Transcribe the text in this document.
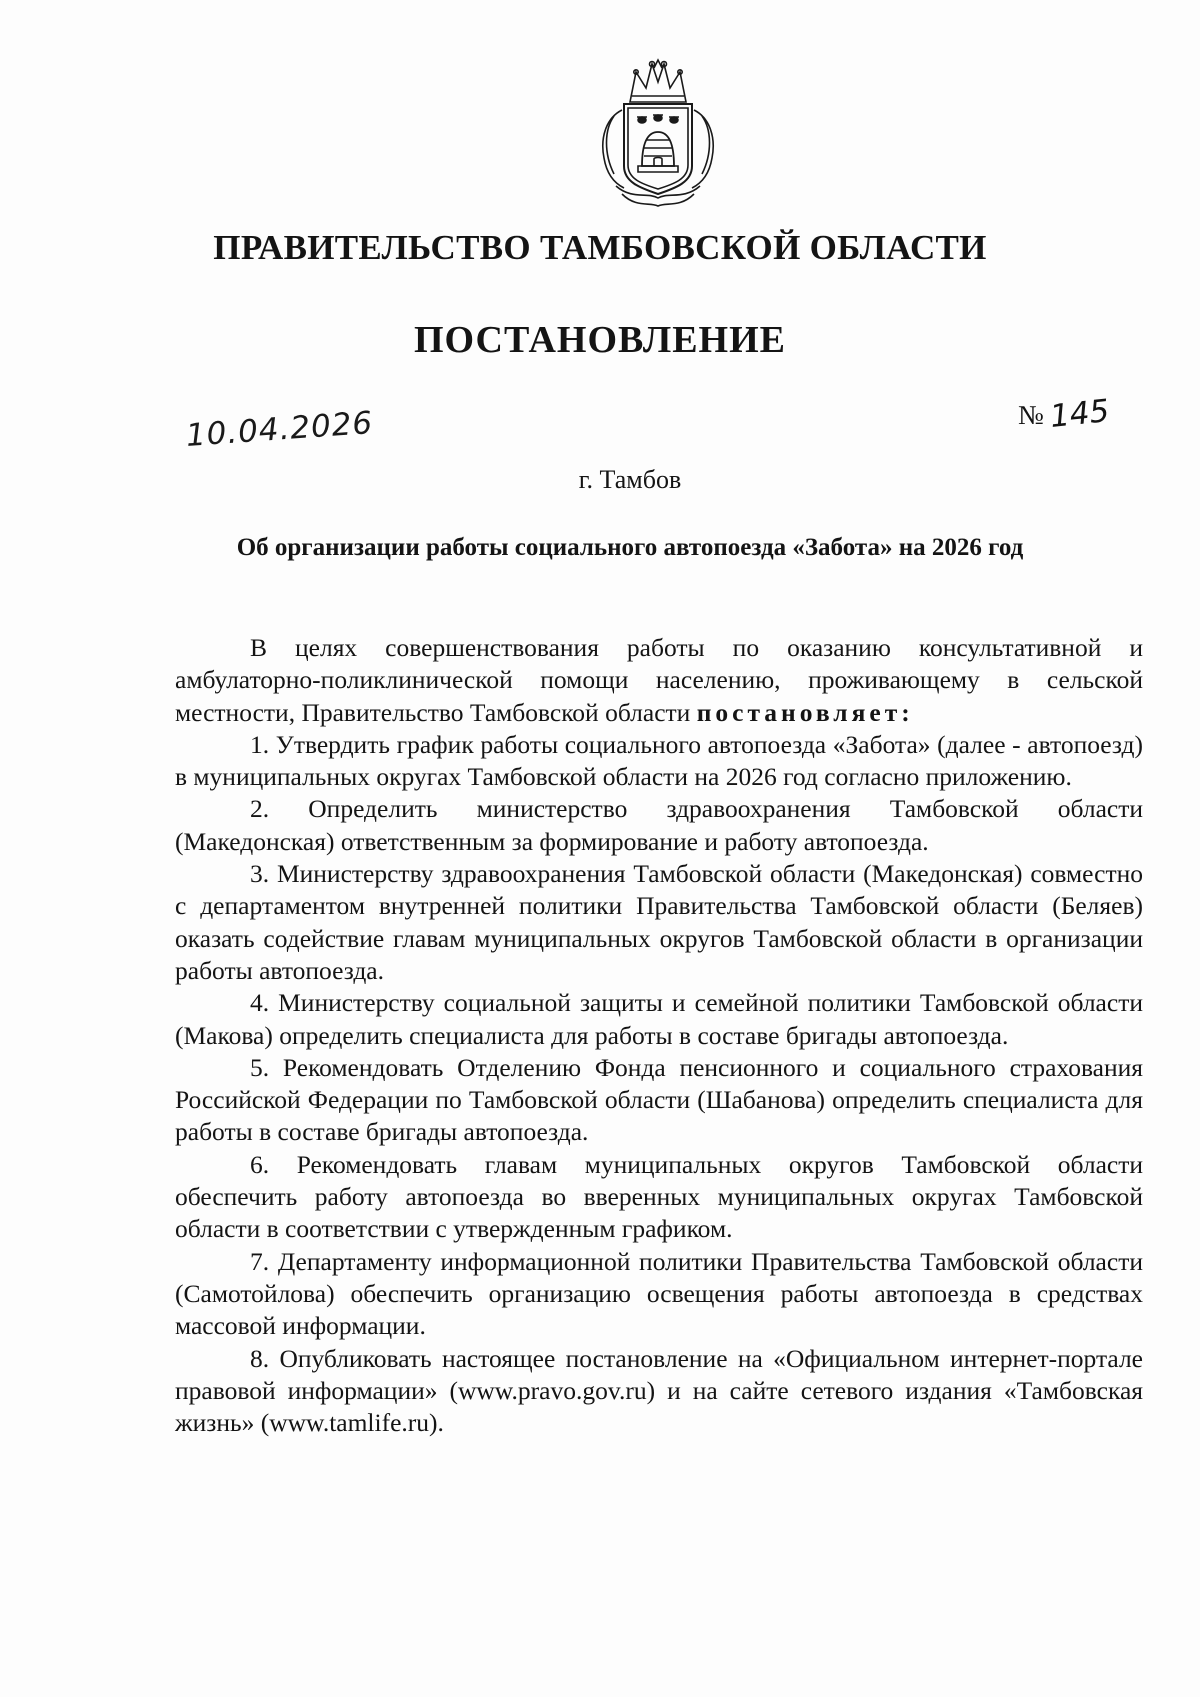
ПРАВИТЕЛЬСТВО ТАМБОВСКОЙ ОБЛАСТИ
ПОСТАНОВЛЕНИЕ
10.04.2026	№ 145
г. Тамбов
Об организации работы социального автопоезда «Забота» на 2026 год

В целях совершенствования работы по оказанию консультативной и амбулаторно-поликлинической помощи населению, проживающему в сельской местности, Правительство Тамбовской области постановляет:

1. Утвердить график работы социального автопоезда «Забота» (далее - автопоезд) в муниципальных округах Тамбовской области на 2026 год согласно приложению.

2. Определить министерство здравоохранения Тамбовской области (Македонская) ответственным за формирование и работу автопоезда.

3. Министерству здравоохранения Тамбовской области (Македонская) совместно с департаментом внутренней политики Правительства Тамбовской области (Беляев) оказать содействие главам муниципальных округов Тамбовской области в организации работы автопоезда.

4. Министерству социальной защиты и семейной политики Тамбовской области (Макова) определить специалиста для работы в составе бригады автопоезда.

5. Рекомендовать Отделению Фонда пенсионного и социального страхования Российской Федерации по Тамбовской области (Шабанова) определить специалиста для работы в составе бригады автопоезда.

6. Рекомендовать главам муниципальных округов Тамбовской области обеспечить работу автопоезда во вверенных муниципальных округах Тамбовской области в соответствии с утвержденным графиком.

7. Департаменту информационной политики Правительства Тамбовской области (Самотойлова) обеспечить организацию освещения работы автопоезда в средствах массовой информации.

8. Опубликовать настоящее постановление на «Официальном интернет-портале правовой информации» (www.pravo.gov.ru) и на сайте сетевого издания «Тамбовская жизнь» (www.tamlife.ru).
